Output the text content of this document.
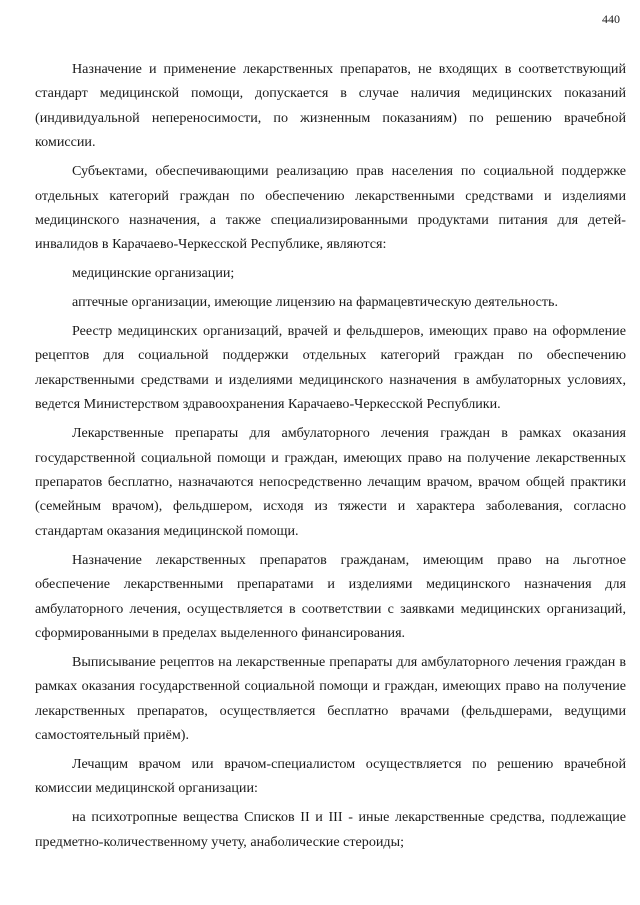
440

Назначение и применение лекарственных препаратов, не входящих в соответствующий стандарт медицинской помощи, допускается в случае наличия медицинских показаний (индивидуальной непереносимости, по жизненным показаниям) по решению врачебной комиссии.

Субъектами, обеспечивающими реализацию прав населения по социальной поддержке отдельных категорий граждан по обеспечению лекарственными средствами и изделиями медицинского назначения, а также специализированными продуктами питания для детей-инвалидов в Карачаево-Черкесской Республике, являются:

медицинские организации;

аптечные организации, имеющие лицензию на фармацевтическую деятельность.

Реестр медицинских организаций, врачей и фельдшеров, имеющих право на оформление рецептов для социальной поддержки отдельных категорий граждан по обеспечению лекарственными средствами и изделиями медицинского назначения в амбулаторных условиях, ведется Министерством здравоохранения Карачаево-Черкесской Республики.

Лекарственные препараты для амбулаторного лечения граждан в рамках оказания государственной социальной помощи и граждан, имеющих право на получение лекарственных препаратов бесплатно, назначаются непосредственно лечащим врачом, врачом общей практики (семейным врачом), фельдшером, исходя из тяжести и характера заболевания, согласно стандартам оказания медицинской помощи.

Назначение лекарственных препаратов гражданам, имеющим право на льготное обеспечение лекарственными препаратами и изделиями медицинского назначения для амбулаторного лечения, осуществляется в соответствии с заявками медицинских организаций, сформированными в пределах выделенного финансирования.

Выписывание рецептов на лекарственные препараты для амбулаторного лечения граждан в рамках оказания государственной социальной помощи и граждан, имеющих право на получение лекарственных препаратов, осуществляется бесплатно врачами (фельдшерами, ведущими самостоятельный приём).

Лечащим врачом или врачом-специалистом осуществляется по решению врачебной комиссии медицинской организации:

на психотропные вещества Списков II и III - иные лекарственные средства, подлежащие предметно-количественному учету, анаболические стероиды;
